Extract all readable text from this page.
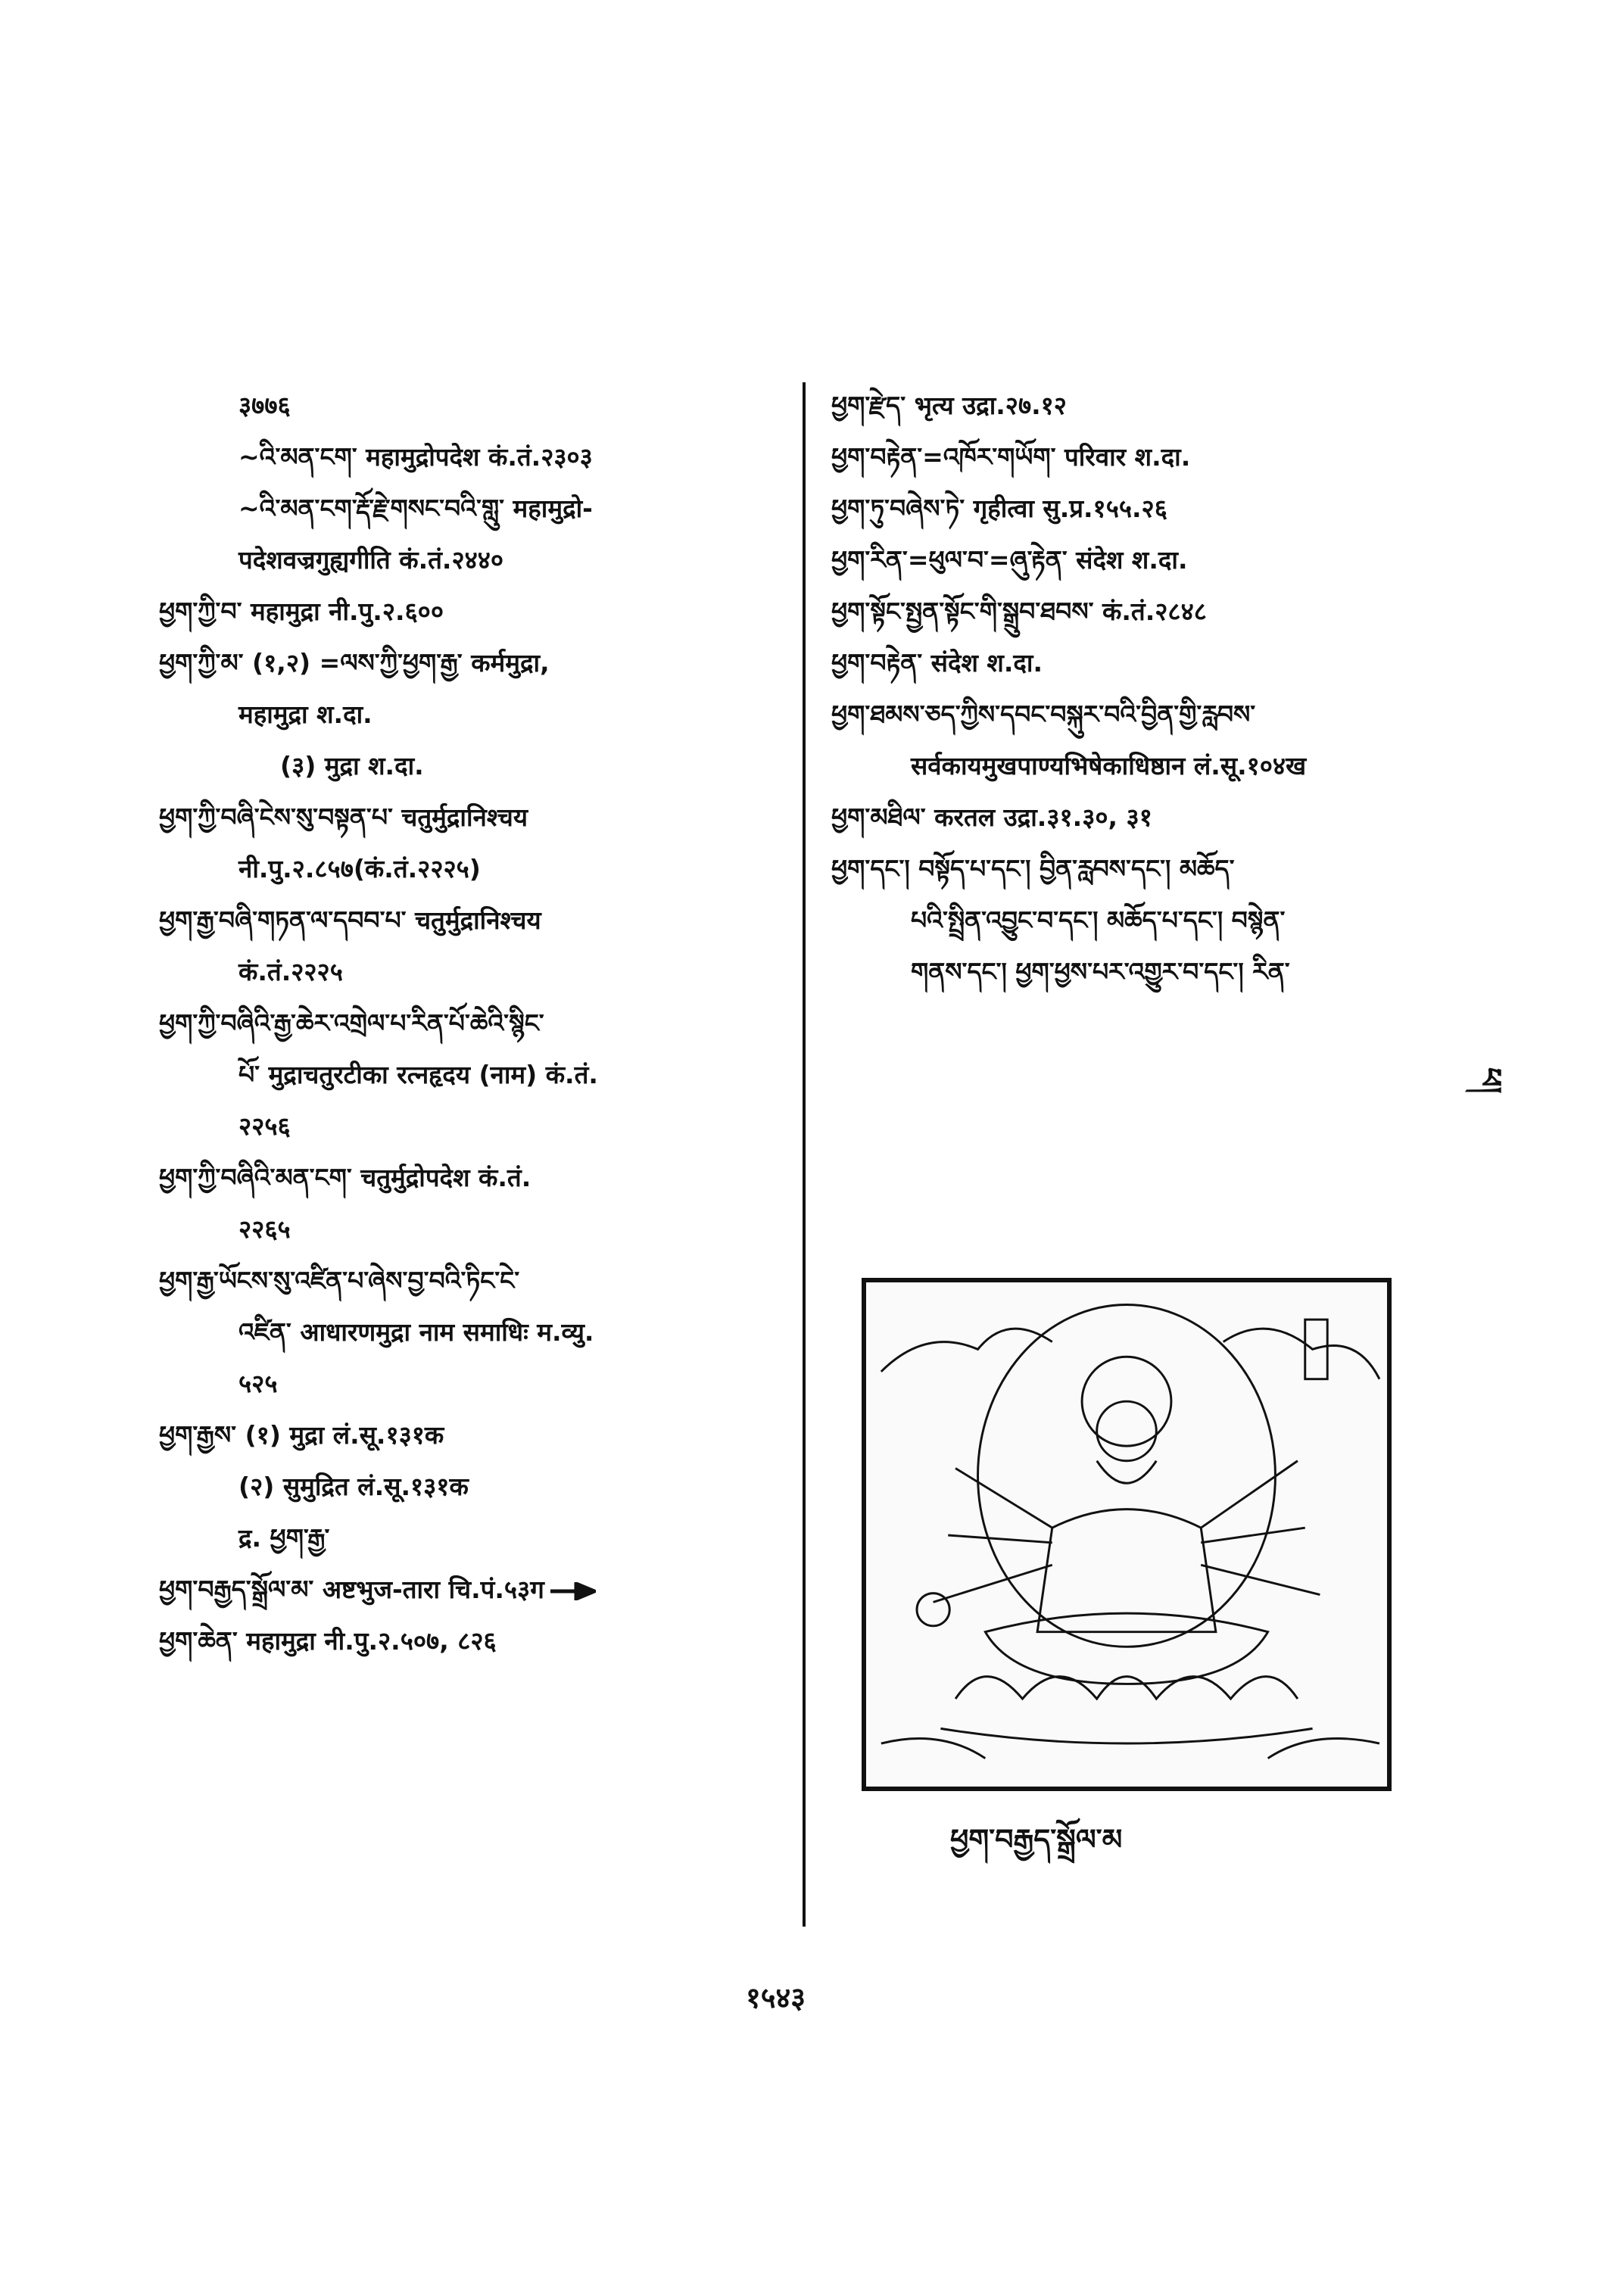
३७७६
~འི་མན་ངག་ महामुद्रोपदेश कं.तं.२३०३
~འི་མན་ངག་རྡོ་རྗེ་གསང་བའི་གླུ་ महामुद्रो-
पदेशवज्रगुह्यगीति कं.तं.२४४०
ཕྱག་ཀྱི་བ་ महामुद्रा नी.पु.२.६००
ཕྱག་ཀྱི་མ་ (१,२) =ལས་ཀྱི་ཕྱག་རྒྱ་ कर्ममुद्रा,
महामुद्रा श.दा.
(३) मुद्रा श.दा.
ཕྱག་ཀྱི་བཞི་ངེས་སུ་བསྟན་པ་ चतुर्मुद्रानिश्चय
नी.पु.२.८५७(कं.तं.२२२५)
ཕྱག་རྒྱ་བཞི་གཏན་ལ་དབབ་པ་ चतुर्मुद्रानिश्चय
कं.तं.२२२५
ཕྱག་ཀྱི་བཞིའི་རྒྱ་ཆེར་འགྲེལ་པ་རིན་པོ་ཆེའི་སྙིང་
པོ་ मुद्राचतुरटीका रत्नहृदय (नाम) कं.तं.
२२५६
ཕྱག་ཀྱི་བཞིའི་མན་ངག་ चतुर्मुद्रोपदेश कं.तं.
२२६५
ཕྱག་རྒྱ་ཡོངས་སུ་འཛིན་པ་ཞེས་བྱ་བའི་ཏིང་ངེ་
འཛིན་ आधारणमुद्रा नाम समाधिः म.व्यु.
५२५
ཕྱག་རྒྱས་ (१) मुद्रा लं.सू.१३१क
(२) सुमुद्रित लं.सू.१३१क
द्र. ཕྱག་རྒྱ་
ཕྱག་བརྒྱད་སྒྲོལ་མ་ अष्टभुज-तारा चि.पं.५३ग
ཕྱག་ཆེན་ महामुद्रा नी.पु.२.५०७, ८२६
ཕྱག་རྫེད་ भृत्य उद्रा.२७.१२
ཕྱག་བརྟེན་=འཁོར་གཡོག་ परिवार श.दा.
ཕྱག་ཏུ་བཞེས་ཏེ་ गृहीत्वा सु.प्र.१५५.२६
ཕྱག་རིན་=ཕུལ་བ་=ཞུ་རྟེན་ संदेश श.दा.
ཕྱག་སྟོང་སྤྱན་སྟོང་གི་སྒྲུབ་ཐབས་ कं.तं.२८४८
ཕྱག་བརྟེན་ संदेश श.दा.
ཕྱག་ཐམས་ཅད་ཀྱིས་དབང་བསྐུར་བའི་བྱིན་གྱི་རླབས་
सर्वकायमुखपाण्यभिषेकाधिष्ठान लं.सू.१०४ख
ཕྱག་མཐིལ་ करतल उद्रा.३१.३०, ३१
ཕྱག་དང་། བསྟོད་པ་དང་། བྱིན་རླབས་དང་། མཆོད་
པའི་སྤྲིན་འབྱུང་བ་དང་། མཆོད་པ་དང་། བསྙེན་
གནས་དང་། ཕྱག་ཕྱས་པར་འགྱུར་བ་དང་། རིན་
ཕ།
ཕྱག་བརྒྱད་སྒྲོལ་མ
१५४३
